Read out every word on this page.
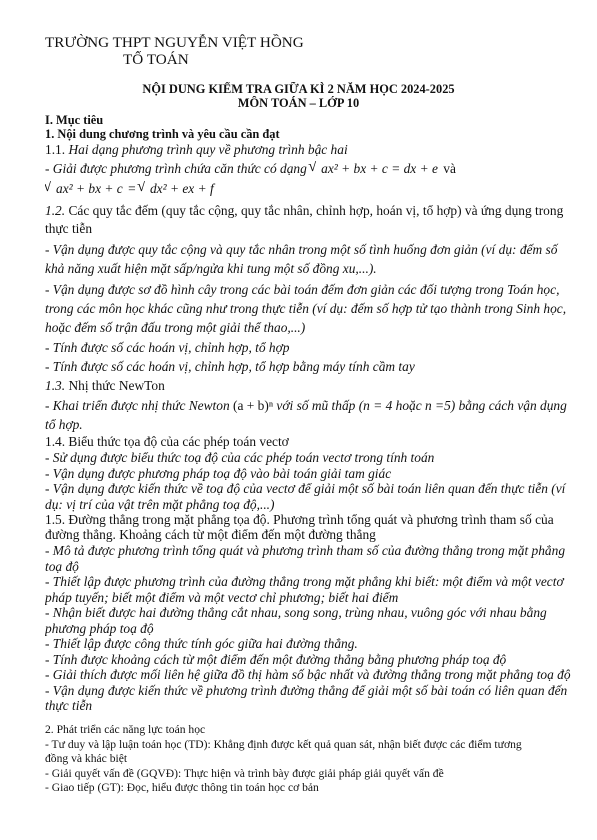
TRƯỜNG THPT NGUYỄN VIỆT HỒNG
TỔ TOÁN
NỘI DUNG KIỂM TRA GIỮA KÌ 2 NĂM HỌC 2024-2025
MÔN TOÁN – LỚP 10
I. Mục tiêu
1. Nội dung chương trình và yêu cầu cần đạt
1.1. Hai dạng phương trình quy về phương trình bậc hai
- Giải được phương trình chứa căn thức có dạng √ ax² + bx + c = dx + e và
√ ax² + bx + c = √ dx² + ex + f
1.2. Các quy tắc đếm (quy tắc cộng, quy tắc nhân, chỉnh hợp, hoán vị, tổ hợp) và ứng dụng trong
thực tiễn
- Vận dụng được quy tắc cộng và quy tắc nhân trong một số tình huống đơn giản (ví dụ: đếm số
khả năng xuất hiện mặt sấp/ngửa khi tung một số đồng xu,...).
- Vận dụng được sơ đồ hình cây trong các bài toán đếm đơn giản các đối tượng trong Toán học,
trong các môn học khác cũng như trong thực tiễn (ví dụ: đếm số hợp tử tạo thành trong Sinh học,
hoặc đếm số trận đấu trong một giải thể thao,...)
- Tính được số các hoán vị, chỉnh hợp, tổ hợp
- Tính được số các hoán vị, chỉnh hợp, tổ hợp bằng máy tính cầm tay
1.3. Nhị thức NewTon
- Khai triển được nhị thức Newton (a + b)ⁿ với số mũ thấp (n = 4 hoặc n =5) bằng cách vận dụng
tổ hợp.
1.4. Biểu thức tọa độ của các phép toán vectơ
- Sử dụng được biểu thức toạ độ của các phép toán vectơ trong tính toán
- Vận dụng được phương pháp toạ độ vào bài toán giải tam giác
- Vận dụng được kiến thức về toạ độ của vectơ để giải một số bài toán liên quan đến thực tiễn (ví
dụ: vị trí của vật trên mặt phẳng toạ độ,...)
1.5. Đường thẳng trong mặt phẳng tọa độ. Phương trình tổng quát và phương trình tham số của
đường thẳng. Khoảng cách từ một điểm đến một đường thẳng
- Mô tả được phương trình tổng quát và phương trình tham số của đường thẳng trong mặt phẳng
toạ độ
- Thiết lập được phương trình của đường thẳng trong mặt phẳng khi biết: một điểm và một vectơ
pháp tuyến; biết một điểm và một vectơ chỉ phương; biết hai điểm
- Nhận biết được hai đường thẳng cắt nhau, song song, trùng nhau, vuông góc với nhau bằng
phương pháp toạ độ
- Thiết lập được công thức tính góc giữa hai đường thẳng.
- Tính được khoảng cách từ một điểm đến một đường thẳng bằng phương pháp toạ độ
- Giải thích được mối liên hệ giữa đồ thị hàm số bậc nhất và đường thẳng trong mặt phẳng toạ độ
- Vận dụng được kiến thức về phương trình đường thẳng để giải một số bài toán có liên quan đến
thực tiễn
2. Phát triển các năng lực toán học
- Tư duy và lập luận toán học (TD): Khẳng định được kết quả quan sát, nhận biết được các điểm tương
đồng và khác biệt
- Giải quyết vấn đề (GQVĐ): Thực hiện và trình bày được giải pháp giải quyết vấn đề
- Giao tiếp (GT): Đọc, hiểu được thông tin toán học cơ bản
